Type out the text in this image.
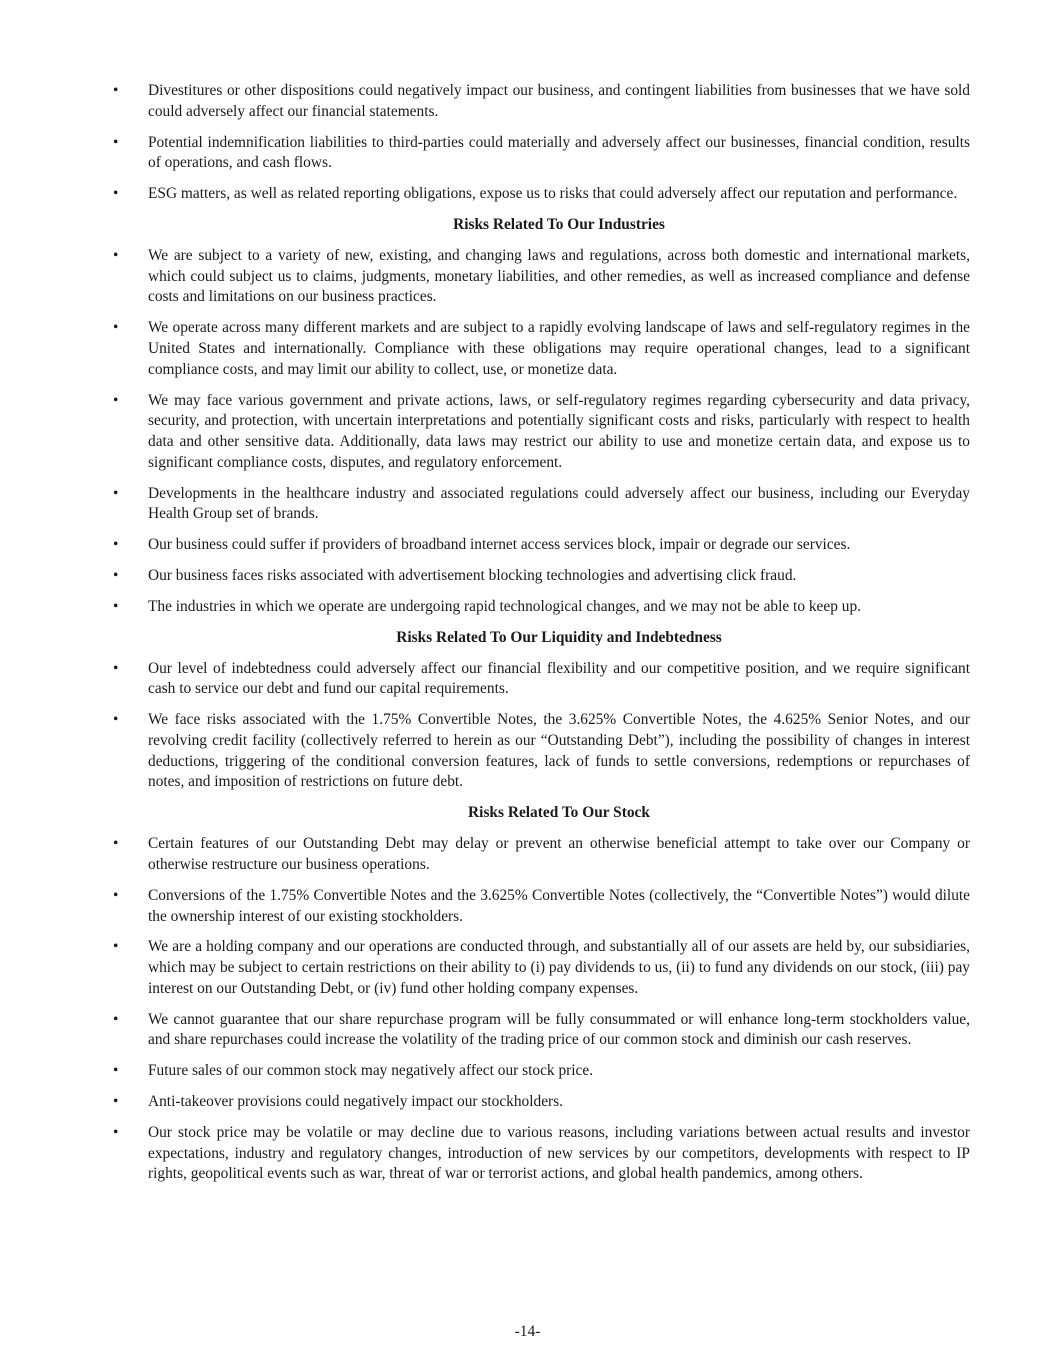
•	Divestitures or other dispositions could negatively impact our business, and contingent liabilities from businesses that we have sold could adversely affect our financial statements.
•	Potential indemnification liabilities to third-parties could materially and adversely affect our businesses, financial condition, results of operations, and cash flows.
•	ESG matters, as well as related reporting obligations, expose us to risks that could adversely affect our reputation and performance.
Risks Related To Our Industries
•	We are subject to a variety of new, existing, and changing laws and regulations, across both domestic and international markets, which could subject us to claims, judgments, monetary liabilities, and other remedies, as well as increased compliance and defense costs and limitations on our business practices.
•	We operate across many different markets and are subject to a rapidly evolving landscape of laws and self-regulatory regimes in the United States and internationally. Compliance with these obligations may require operational changes, lead to a significant compliance costs, and may limit our ability to collect, use, or monetize data.
•	We may face various government and private actions, laws, or self-regulatory regimes regarding cybersecurity and data privacy, security, and protection, with uncertain interpretations and potentially significant costs and risks, particularly with respect to health data and other sensitive data. Additionally, data laws may restrict our ability to use and monetize certain data, and expose us to significant compliance costs, disputes, and regulatory enforcement.
•	Developments in the healthcare industry and associated regulations could adversely affect our business, including our Everyday Health Group set of brands.
•	Our business could suffer if providers of broadband internet access services block, impair or degrade our services.
•	Our business faces risks associated with advertisement blocking technologies and advertising click fraud.
•	The industries in which we operate are undergoing rapid technological changes, and we may not be able to keep up.
Risks Related To Our Liquidity and Indebtedness
•	Our level of indebtedness could adversely affect our financial flexibility and our competitive position, and we require significant cash to service our debt and fund our capital requirements.
•	We face risks associated with the 1.75% Convertible Notes, the 3.625% Convertible Notes, the 4.625% Senior Notes, and our revolving credit facility (collectively referred to herein as our “Outstanding Debt”), including the possibility of changes in interest deductions, triggering of the conditional conversion features, lack of funds to settle conversions, redemptions or repurchases of notes, and imposition of restrictions on future debt.
Risks Related To Our Stock
•	Certain features of our Outstanding Debt may delay or prevent an otherwise beneficial attempt to take over our Company or otherwise restructure our business operations.
•	Conversions of the 1.75% Convertible Notes and the 3.625% Convertible Notes (collectively, the “Convertible Notes”) would dilute the ownership interest of our existing stockholders.
•	We are a holding company and our operations are conducted through, and substantially all of our assets are held by, our subsidiaries, which may be subject to certain restrictions on their ability to (i) pay dividends to us, (ii) to fund any dividends on our stock, (iii) pay interest on our Outstanding Debt, or (iv) fund other holding company expenses.
•	We cannot guarantee that our share repurchase program will be fully consummated or will enhance long-term stockholders value, and share repurchases could increase the volatility of the trading price of our common stock and diminish our cash reserves.
•	Future sales of our common stock may negatively affect our stock price.
•	Anti-takeover provisions could negatively impact our stockholders.
•	Our stock price may be volatile or may decline due to various reasons, including variations between actual results and investor expectations, industry and regulatory changes, introduction of new services by our competitors, developments with respect to IP rights, geopolitical events such as war, threat of war or terrorist actions, and global health pandemics, among others.
-14-
